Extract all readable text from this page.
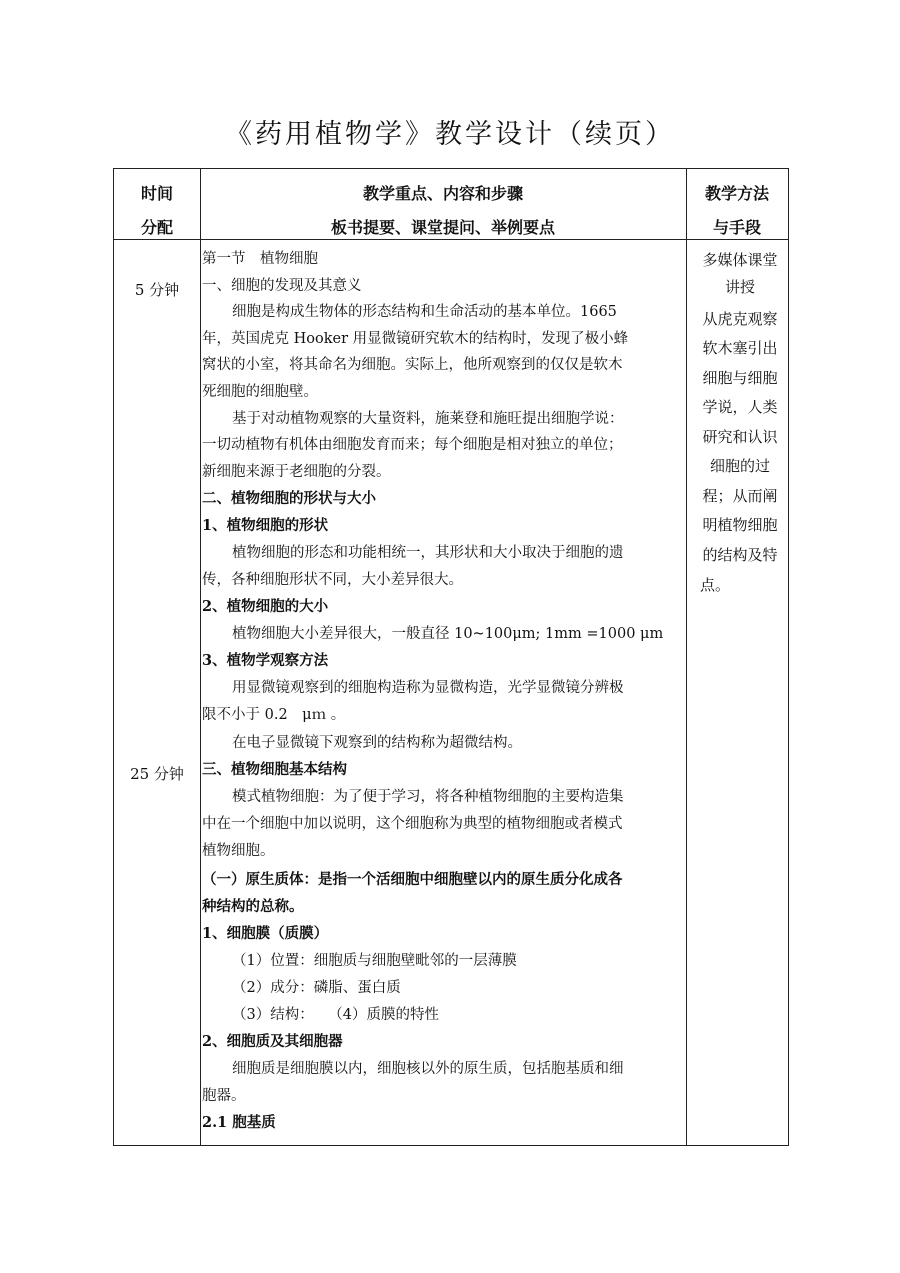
《药用植物学》教学设计（续页）
时间
分配
教学重点、内容和步骤
板书提要、课堂提问、举例要点
教学方法
与手段
5 分钟
25 分钟
第一节　植物细胞
一、细胞的发现及其意义
细胞是构成生物体的形态结构和生命活动的基本单位。1665
年，英国虎克 Hooker 用显微镜研究软木的结构时，发现了极小蜂
窝状的小室，将其命名为细胞。实际上，他所观察到的仅仅是软木
死细胞的细胞壁。
基于对动植物观察的大量资料，施莱登和施旺提出细胞学说：
一切动植物有机体由细胞发育而来；每个细胞是相对独立的单位；
新细胞来源于老细胞的分裂。
二、植物细胞的形状与大小
1、植物细胞的形状
植物细胞的形态和功能相统一，其形状和大小取决于细胞的遗
传，各种细胞形状不同，大小差异很大。
2、植物细胞的大小
植物细胞大小差异很大，一般直径 10~100μm; 1mm =1000 μm
3、植物学观察方法
用显微镜观察到的细胞构造称为显微构造，光学显微镜分辨极
限不小于 0.2　μｍ 。
在电子显微镜下观察到的结构称为超微结构。
三、植物细胞基本结构
模式植物细胞：为了便于学习，将各种植物细胞的主要构造集
中在一个细胞中加以说明，这个细胞称为典型的植物细胞或者模式
植物细胞。
（一）原生质体：是指一个活细胞中细胞壁以内的原生质分化成各
种结构的总称。
1、细胞膜（质膜）
（1）位置：细胞质与细胞壁毗邻的一层薄膜
（2）成分：磷脂、蛋白质
（3）结构：　　（4）质膜的特性
2、细胞质及其细胞器
细胞质是细胞膜以内，细胞核以外的原生质，包括胞基质和细
胞器。
2.1 胞基质
多媒体课堂
讲授
从虎克观察
软木塞引出
细胞与细胞
学说，人类
研究和认识
细胞的过
程；从而阐
明植物细胞
的结构及特
点。
